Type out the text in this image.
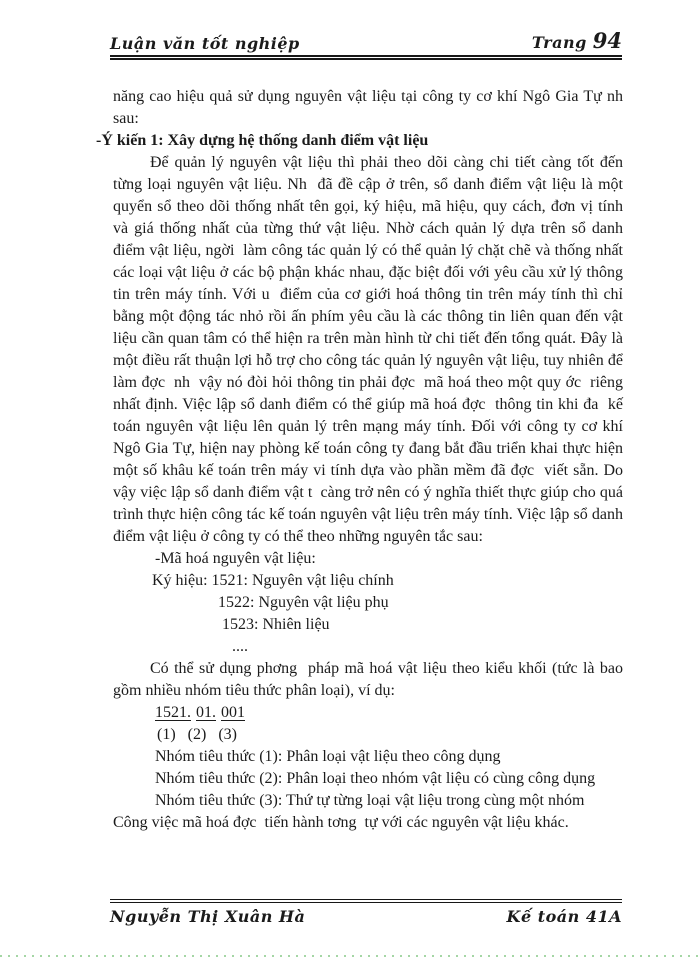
Luận văn tốt nghiệp	Trang 94

năng cao hiệu quả sử dụng nguyên vật liệu tại công ty cơ khí Ngô Gia Tự nh sau:

-Ý kiến 1: Xây dựng hệ thống danh điểm vật liệu

Để quản lý nguyên vật liệu thì phải theo dõi càng chi tiết càng tốt đến từng loại nguyên vật liệu. Nh  đã đề cập ở trên, sổ danh điểm vật liệu là một quyển sổ theo dõi thống nhất tên gọi, ký hiệu, mã hiệu, quy cách, đơn vị tính và giá thống nhất của từng thứ vật liệu. Nhờ cách quản lý dựa trên sổ danh điểm vật liệu, ngời  làm công tác quản lý có thể quản lý chặt chẽ và thống nhất các loại vật liệu ở các bộ phận khác nhau, đặc biệt đối với yêu cầu xử lý thông tin trên máy tính. Với u  điểm của cơ giới hoá thông tin trên máy tính thì chỉ bằng một động tác nhỏ rồi ấn phím yêu cầu là các thông tin liên quan đến vật liệu cần quan tâm có thể hiện ra trên màn hình từ chi tiết đến tổng quát. Đây là một điều rất thuận lợi hỗ trợ cho công tác quản lý nguyên vật liệu, tuy nhiên để làm đợc  nh  vậy nó đòi hỏi thông tin phải đợc  mã hoá theo một quy ớc  riêng nhất định. Việc lập sổ danh điểm có thể giúp mã hoá đợc  thông tin khi đa  kế toán nguyên vật liệu lên quản lý trên mạng máy tính. Đối với công ty cơ khí Ngô Gia Tự, hiện nay phòng kế toán công ty đang bắt đầu triển khai thực hiện một số khâu kế toán trên máy vi tính dựa vào phần mềm đã đợc  viết sẵn. Do vậy việc lập sổ danh điểm vật t  càng trở nên có ý nghĩa thiết thực giúp cho quá trình thực hiện công tác kế toán nguyên vật liệu trên máy tính. Việc lập sổ danh điểm vật liệu ở công ty có thể theo những nguyên tắc sau:

-Mã hoá nguyên vật liệu:

Ký hiệu: 1521: Nguyên vật liệu chính

1522: Nguyên vật liệu phụ

1523: Nhiên liệu

....

Có thể sử dụng phơng  pháp mã hoá vật liệu theo kiểu khối (tức là bao gồm nhiều nhóm tiêu thức phân loại), ví dụ:

1521. 01. 001

(1)   (2)   (3)

Nhóm tiêu thức (1): Phân loại vật liệu theo công dụng

Nhóm tiêu thức (2): Phân loại theo nhóm vật liệu có cùng công dụng

Nhóm tiêu thức (3): Thứ tự từng loại vật liệu trong cùng một nhóm

Công việc mã hoá đợc  tiến hành tơng  tự với các nguyên vật liệu khác.

Nguyễn Thị Xuân Hà	Kế toán 41A
